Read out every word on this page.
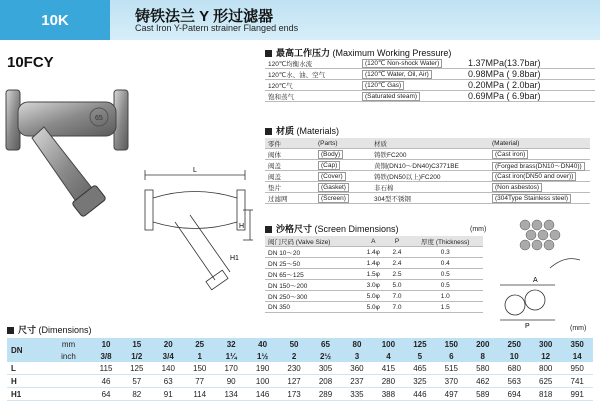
10K	铸铁法兰 Y 形过滤器
Cast Iron Y-Patern strainer Flanged ends
10FCY
65
L
H
H1
A
P
最高工作压力 (Maximum Working Pressure)
120℃均衡水流	(120℃ Non-shock Water)	1.37MPa(13.7bar)
120℃水、油、空气	(120℃ Water, Oil, Air)	0.98MPa ( 9.8bar)
120℃气	(120℃ Gas)	0.20MPa ( 2.0bar)
饱和蒸气	(Saturated steam)	0.69MPa ( 6.9bar)
材质 (Materials)
零件	(Parts)	材质	(Material)
阀体	(Body)	铸铁FC200	(Cast iron)
阀盖	(Cap)	黄铜(DN10～DN40)C3771BE	(Forged brass(DN10～DN40))
阀盖	(Cover)	铸铁(DN50以上)FC200	(Cast iron(DN50 and over))
垫片	(Gasket)	非石棉	(Non asbestos)
过滤网	(Screen)	304型不锈钢	(304Type Stainless steel)
沙格尺寸 (Screen Dimensions)	(mm)
阀门尺码 (Valve Size)	A	P	厚度 (Thickness)
DN 10～20	1.4φ	2.4	0.3
DN 25～50	1.4φ	2.4	0.4
DN 65～125	1.5φ	2.5	0.5
DN 150～200	3.0φ	5.0	0.5
DN 250～300	5.0φ	7.0	1.0
DN 350	5.0φ	7.0	1.5
尺寸 (Dimensions)	(mm)
DN	mm	10	15	20	25	32	40	50	65	80	100	125	150	200	250	300	350
	inch	3/8	1/2	3/4	1	1¼	1½	2	2½	3	4	5	6	8	10	12	14
L		115	125	140	150	170	190	230	305	360	415	465	515	580	680	800	950
H		46	57	63	77	90	100	127	208	237	280	325	370	462	563	625	741
H1		64	82	91	114	134	146	173	289	335	388	446	497	589	694	818	991
